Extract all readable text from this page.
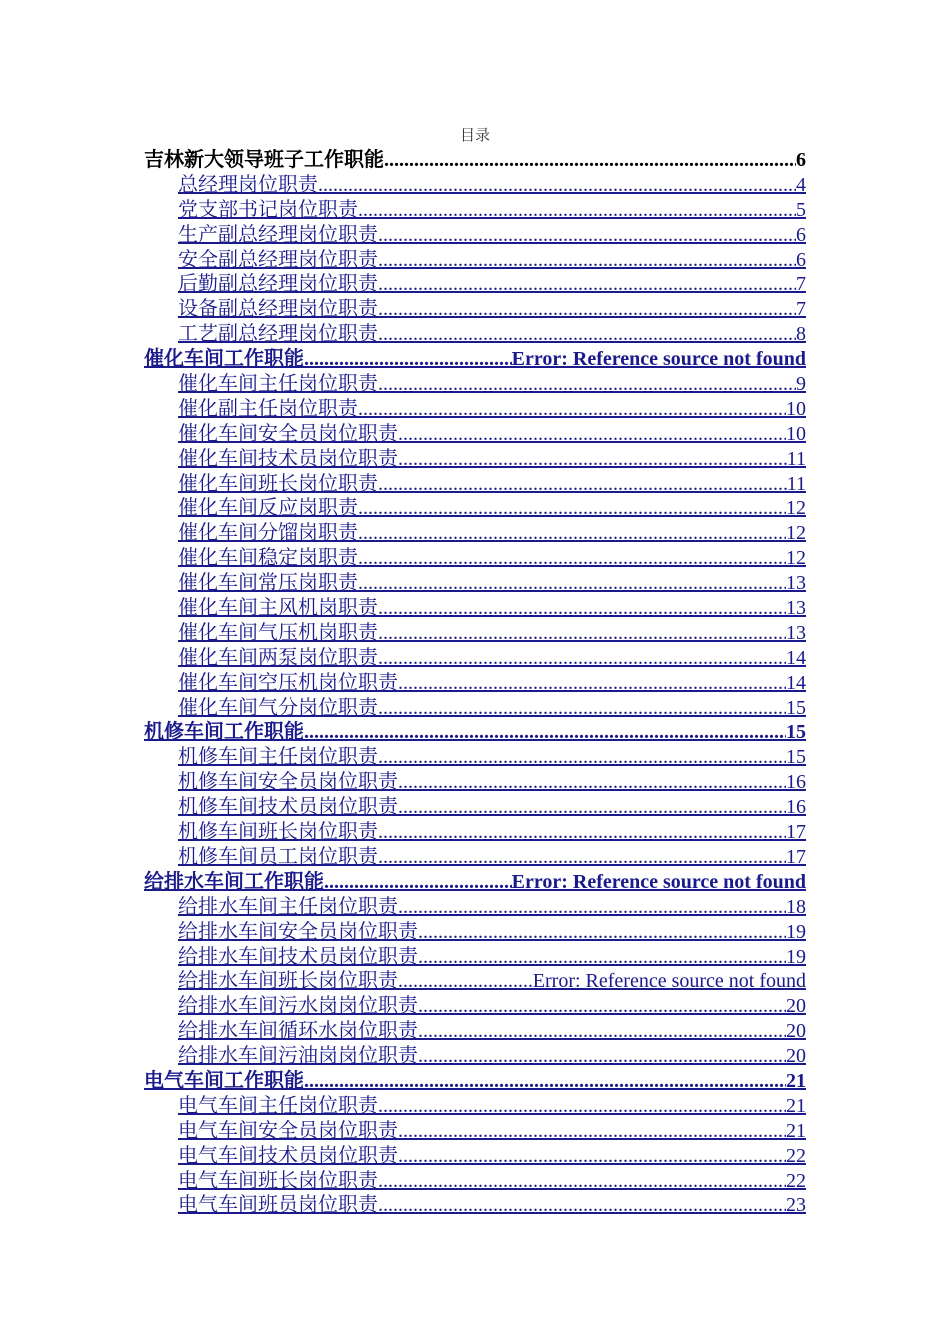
目录
吉林新大领导班子工作职能 .....	6
总经理岗位职责 .....	4
党支部书记岗位职责 .....	5
生产副总经理岗位职责 .....	6
安全副总经理岗位职责 .....	6
后勤副总经理岗位职责 .....	7
设备副总经理岗位职责 .....	7
工艺副总经理岗位职责 .....	8
催化车间工作职能 .....	Error: Reference source not found
催化车间主任岗位职责 .....	9
催化副主任岗位职责 .....	10
催化车间安全员岗位职责 .....	10
催化车间技术员岗位职责 .....	11
催化车间班长岗位职责 .....	11
催化车间反应岗职责 .....	12
催化车间分馏岗职责 .....	12
催化车间稳定岗职责 .....	12
催化车间常压岗职责 .....	13
催化车间主风机岗职责 .....	13
催化车间气压机岗职责 .....	13
催化车间两泵岗位职责 .....	14
催化车间空压机岗位职责 .....	14
催化车间气分岗位职责 .....	15
机修车间工作职能 .....	15
机修车间主任岗位职责 .....	15
机修车间安全员岗位职责 .....	16
机修车间技术员岗位职责 .....	16
机修车间班长岗位职责 .....	17
机修车间员工岗位职责 .....	17
给排水车间工作职能 .....	Error: Reference source not found
给排水车间主任岗位职责 .....	18
给排水车间安全员岗位职责 .....	19
给排水车间技术员岗位职责 .....	19
给排水车间班长岗位职责 .....	Error: Reference source not found
给排水车间污水岗岗位职责 .....	20
给排水车间循环水岗位职责 .....	20
给排水车间污油岗岗位职责 .....	20
电气车间工作职能 .....	21
电气车间主任岗位职责 .....	21
电气车间安全员岗位职责 .....	21
电气车间技术员岗位职责 .....	22
电气车间班长岗位职责 .....	22
电气车间班员岗位职责 .....	23
